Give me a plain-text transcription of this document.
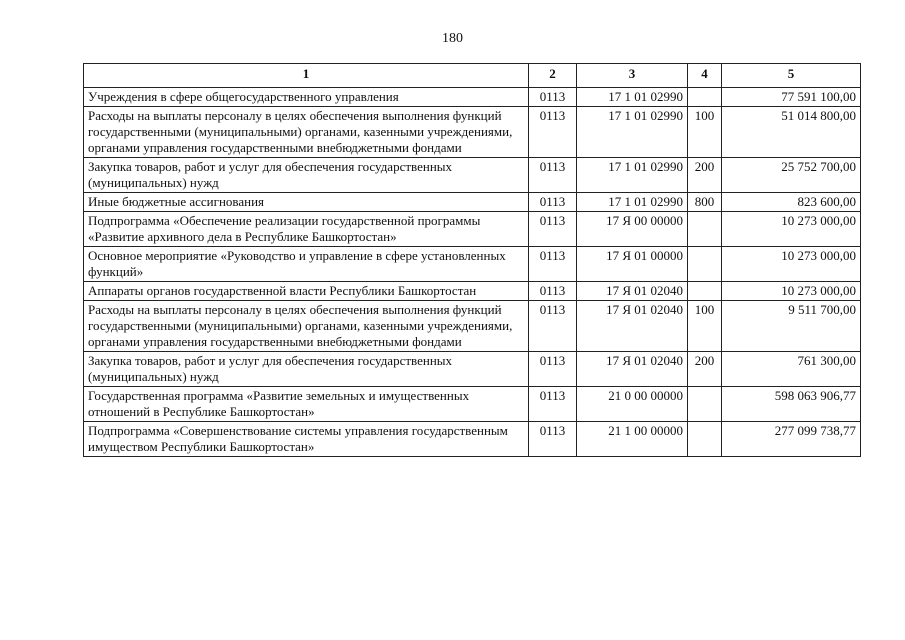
180
1	2	3	4	5
Учреждения в сфере общегосударственного управления	0113	17 1 01 02990		77 591 100,00
Расходы на выплаты персоналу в целях обеспечения выполнения функций государственными (муниципальными) органами, казенными учреждениями, органами управления государственными внебюджетными фондами	0113	17 1 01 02990	100	51 014 800,00
Закупка товаров, работ и услуг для обеспечения государственных (муниципальных) нужд	0113	17 1 01 02990	200	25 752 700,00
Иные бюджетные ассигнования	0113	17 1 01 02990	800	823 600,00
Подпрограмма «Обеспечение реализации государственной программы «Развитие архивного дела в Республике Башкортостан»	0113	17 Я 00 00000		10 273 000,00
Основное мероприятие «Руководство и управление в сфере установленных функций»	0113	17 Я 01 00000		10 273 000,00
Аппараты органов государственной власти Республики Башкортостан	0113	17 Я 01 02040		10 273 000,00
Расходы на выплаты персоналу в целях обеспечения выполнения функций государственными (муниципальными) органами, казенными учреждениями, органами управления государственными внебюджетными фондами	0113	17 Я 01 02040	100	9 511 700,00
Закупка товаров, работ и услуг для обеспечения государственных (муниципальных) нужд	0113	17 Я 01 02040	200	761 300,00
Государственная программа «Развитие земельных и имущественных отношений в Республике Башкортостан»	0113	21 0 00 00000		598 063 906,77
Подпрограмма «Совершенствование системы управления государственным имуществом Республики Башкортостан»	0113	21 1 00 00000		277 099 738,77
